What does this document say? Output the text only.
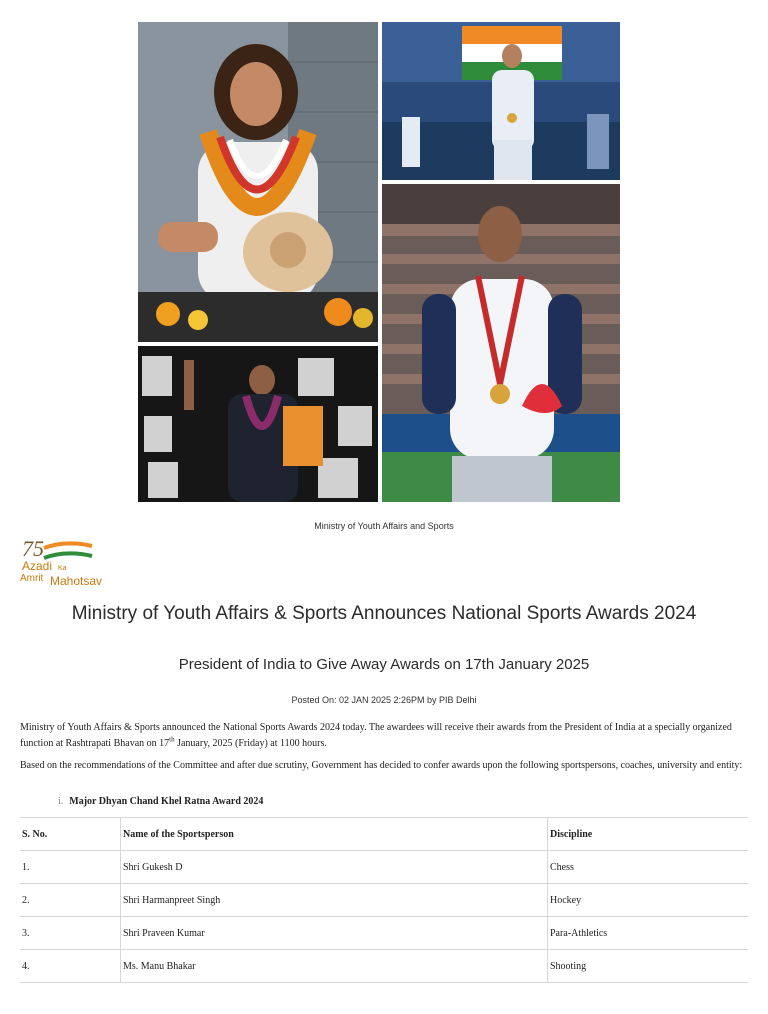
Ministry of Youth Affairs and Sports
75
Azadi Ka
Amrit Mahotsav
Ministry of Youth Affairs & Sports Announces National Sports Awards 2024
President of India to Give Away Awards on 17th January 2025
Posted On: 02 JAN 2025 2:26PM by PIB Delhi
Ministry of Youth Affairs & Sports announced the National Sports Awards 2024 today. The awardees will receive their awards from the President of India at a specially organized function at Rashtrapati Bhavan on 17th January, 2025 (Friday) at 1100 hours.
Based on the recommendations of the Committee and after due scrutiny, Government has decided to confer awards upon the following sportspersons, coaches, university and entity:
i. Major Dhyan Chand Khel Ratna Award 2024
S. No.	Name of the Sportsperson	Discipline
1.	Shri Gukesh D	Chess
2.	Shri Harmanpreet Singh	Hockey
3.	Shri Praveen Kumar	Para-Athletics
4.	Ms. Manu Bhakar	Shooting
